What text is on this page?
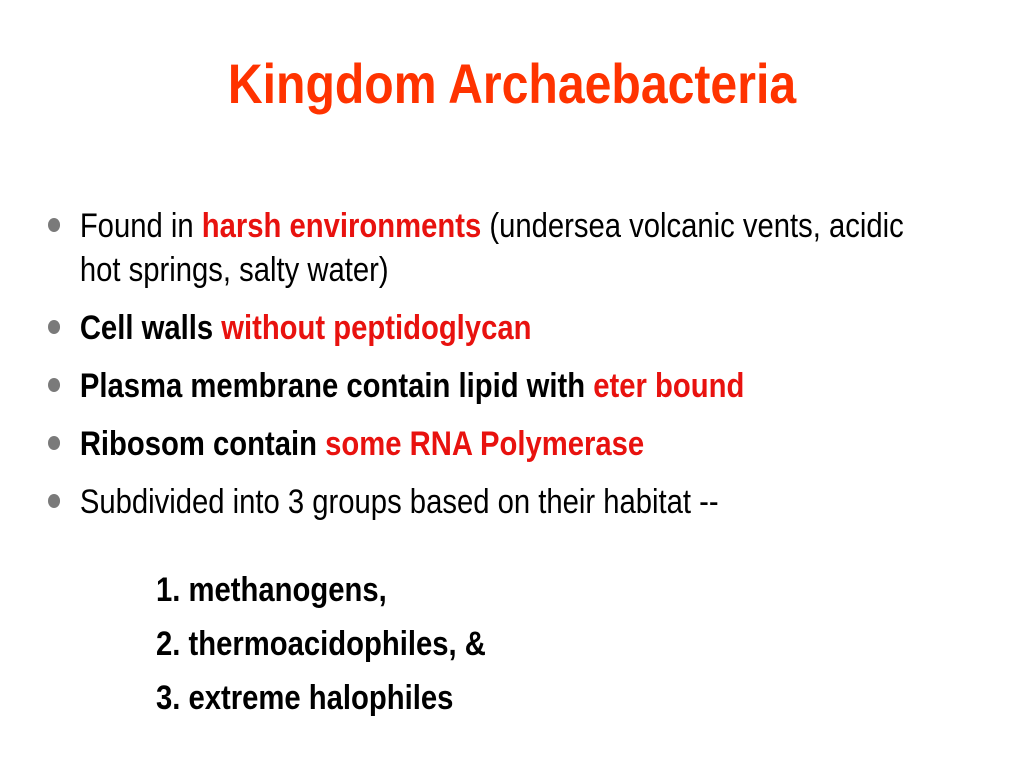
Kingdom Archaebacteria
Found in harsh environments (undersea volcanic vents, acidic hot springs, salty water)
Cell walls without peptidoglycan
Plasma membrane contain lipid with eter bound
Ribosom contain some RNA Polymerase
Subdivided into 3 groups based on their habitat --
1. methanogens,
2. thermoacidophiles, &
3. extreme halophiles
